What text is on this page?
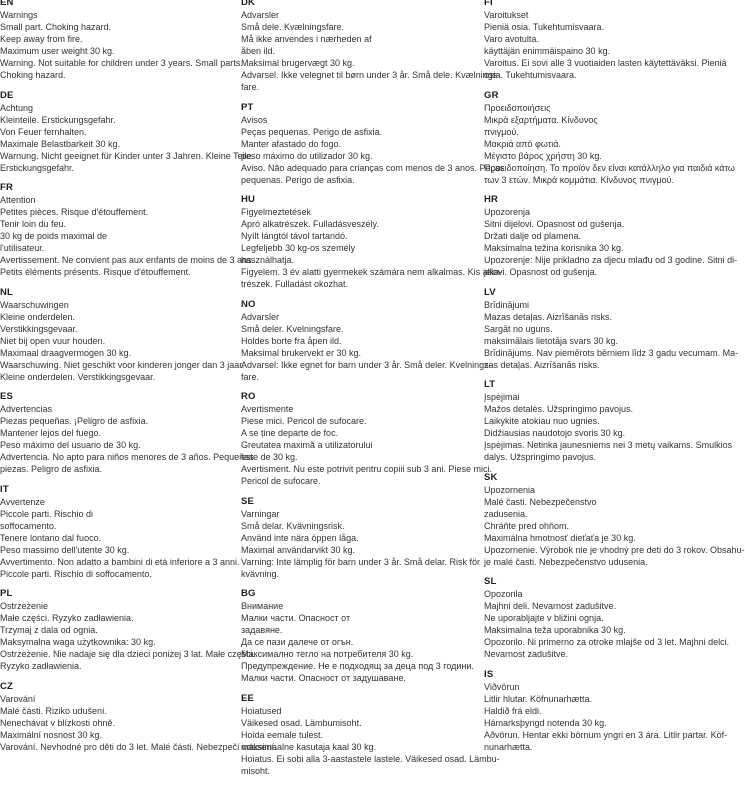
EN
Warnings
Small part. Choking hazard.
Keep away from fire.
Maximum user weight 30 kg.
Warning. Not suitable for children under 3 years. Small parts.
Choking hazard.
DE
Achtung
Kleinteile. Erstickungsgefahr.
Von Feuer fernhalten.
Maximale Belastbarkeit 30 kg.
Warnung. Nicht geeignet für Kinder unter 3 Jahren. Kleine Teile.
Erstickungsgefahr.
FR
Attention
Petites pièces. Risque d'étouffement.
Tenir loin du feu.
30 kg de poids maximal de
l'utilisateur.
Avertissement. Ne convient pas aux enfants de moins de 3 ans.
Petits éléments présents. Risque d'étouffement.
NL
Waarschuwingen
Kleine onderdelen.
Verstikkingsgevaar.
Niet bij open vuur houden.
Maximaal draagvermogen 30 kg.
Waarschuwing. Niet geschikt voor kinderen jonger dan 3 jaar.
Kleine onderdelen. Verstikkingsgevaar.
ES
Advertencias
Piezas pequeñas. ¡Peligro de asfixia.
Mantener lejos del fuego.
Peso máximo del usuario de 30 kg.
Advertencia. No apto para niños menores de 3 años. Pequeñas
piezas. Peligro de asfixia.
IT
Avvertenze
Piccole parti. Rischio di
soffocamento.
Tenere lontano dal fuoco.
Peso massimo dell'utente 30 kg.
Avvertimento. Non adatto a bambini di età inferiore a 3 anni.
Piccole parti. Rischio di soffocamento.
PL
Ostrzeżenie
Małe części. Ryzyko zadławienia.
Trzymaj z dala od ognia.
Maksymalna waga użytkownika: 30 kg.
Ostrzeżenie. Nie nadaje się dla dzieci poniżej 3 lat. Małe części.
Ryzyko zadławienia.
CZ
Varování
Malé části. Riziko udušení.
Nenechávat v blízkosti ohně.
Maximální nosnost 30 kg.
Varování. Nevhodné pro děti do 3 let. Malé části. Nebezpečí udusení.
DK
Advarsler
Små dele. Kvælningsfare.
Må ikke anvendes i nærheden af
åben ild.
Maksimal brugervægt 30 kg.
Advarsel. Ikke velegnet til børn under 3 år. Små dele. Kvælnings-
fare.
PT
Avisos
Peças pequenas. Perigo de asfixia.
Manter afastado do fogo.
peso máximo do utilizador 30 kg.
Aviso. Não adequado para crianças com menos de 3 anos. Peças
pequenas. Perigo de asfixia.
HU
Figyelmeztetések
Apró alkatrészek. Fulladásveszély.
Nyílt lángtól távol tartandó.
Legfeljebb 30 kg-os személy
használhatja.
Figyelem. 3 év alatti gyermekek számára nem alkalmas. Kis alka-
trészek. Fulladást okozhat.
NO
Advarsler
Små deler. Kvelningsfare.
Holdes borte fra åpen ild.
Maksimal brukervekt er 30 kg.
Advarsel: Ikke egnet for barn under 3 år. Små deler. Kvelnings-
fare.
RO
Avertismente
Piese mici. Pericol de sufocare.
A se ține departe de foc.
Greutatea maximă a utilizatorului
este de 30 kg.
Avertisment. Nu este potrivit pentru copiii sub 3 ani. Piese mici.
Pericol de sufocare.
SE
Varningar
Små delar. Kvävningsrisk.
Använd inte nära öppen låga.
Maximal användarvikt 30 kg.
Varning: Inte lämplig för barn under 3 år. Små delar. Risk för
kvävning.
BG
Внимание
Малки части. Опасност от
задавяне.
Да се пази далече от огън.
Максимално тегло на потребителя 30 kg.
Предупреждение. Не е подходящ за деца под 3 години.
Малки части. Опасност от задушаване.
EE
Hoiatused
Väikesed osad. Lämbumisoht.
Hoida eemale tulest.
maksimaalne kasutaja kaal 30 kg.
Hoiatus. Ei sobi alla 3-aastastele lastele. Väikesed osad. Lämbu-
misoht.
FI
Varoitukset
Pieniä osia. Tukehtumisvaara.
Varo avotulta.
käyttäjän enimmäispaino 30 kg.
Varoitus. Ei sovi alle 3 vuotiaiden lasten käytettäväksi. Pieniä
osia. Tukehtumisvaara.
GR
Προειδοποιήσεις
Μικρά εξαρτήματα. Κίνδυνος
πνιγμού.
Μακριά από φωτιά.
Μέγιστο βάρος χρήστη 30 kg.
Προειδοποίηση. Το προϊόν δεν είναι κατάλληλο για παιδιά κάτω
των 3 ετών. Μικρά κομμάτια. Κίνδυνος πνιγμού.
HR
Upozorenja
Sitni dijelovi. Opasnost od gušenja.
Držati dalje od plamena.
Maksimalna težina korisnika 30 kg.
Upozorenje: Nije prikladno za djecu mlađu od 3 godine. Sitni di-
jelovi. Opasnost od gušenja.
LV
Brīdinājumi
Mazas detaļas. Aizrīšanās risks.
Sargāt no uguns.
maksimālais lietotāja svars 30 kg.
Brīdinājums. Nav piemērots bērniem līdz 3 gadu vecumam. Ma-
zas detaļas. Aizrīšanās risks.
LT
Įspėjimai
Mažos detalės. Užspringimo pavojus.
Laikykite atokiau nuo ugnies.
Didžiausias naudotojo svoris 30 kg.
Įspėjimas. Netinka jaunesniems nei 3 metų vaikams. Smulkios
dalys. Užspringimo pavojus.
SK
Upozornenia
Malé časti. Nebezpečenstvo
zadusenia.
Chráňte pred ohňom.
Maximálna hmotnosť dieťaťa je 30 kg.
Upozornenie. Výrobok nie je vhodný pre deti do 3 rokov. Obsahu-
je malé časti. Nebezpečenstvo udusenia.
SL
Opozorila
Majhni deli. Nevarnost zadušitve.
Ne uporabljajte v bližini ognja.
Maksimalna teža uporabnika 30 kg.
Opozorilo. Ni primerno za otroke mlajše od 3 let. Majhni delci.
Nevarnost zadušitve.
IS
Viðvörun
Litlir hlutar. Köfnunarhætta.
Haldið frá eldi.
Hámarksþyngd notenda 30 kg.
Aðvörun. Hentar ekki börnum yngri en 3 ára. Litlir partar. Köf-
nunarhætta.
